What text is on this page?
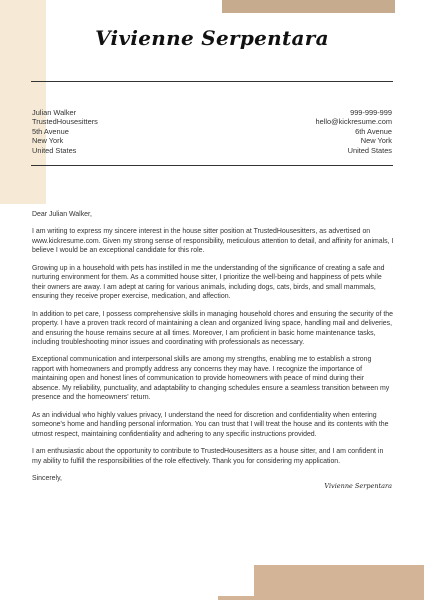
Vivienne Serpentara
Julian Walker
TrustedHousesitters
5th Avenue
New York
United States
999-999-999
hello@kickresume.com
6th Avenue
New York
United States

Dear Julian Walker,

I am writing to express my sincere interest in the house sitter position at TrustedHousesitters, as advertised on www.kickresume.com. Given my strong sense of responsibility, meticulous attention to detail, and affinity for animals, I believe I would be an exceptional candidate for this role.

Growing up in a household with pets has instilled in me the understanding of the significance of creating a safe and nurturing environment for them. As a committed house sitter, I prioritize the well-being and happiness of pets while their owners are away. I am adept at caring for various animals, including dogs, cats, birds, and small mammals, ensuring they receive proper exercise, medication, and affection.

In addition to pet care, I possess comprehensive skills in managing household chores and ensuring the security of the property. I have a proven track record of maintaining a clean and organized living space, handling mail and deliveries, and ensuring the house remains secure at all times. Moreover, I am proficient in basic home maintenance tasks, including troubleshooting minor issues and coordinating with professionals as necessary.

Exceptional communication and interpersonal skills are among my strengths, enabling me to establish a strong rapport with homeowners and promptly address any concerns they may have. I recognize the importance of maintaining open and honest lines of communication to provide homeowners with peace of mind during their absence. My reliability, punctuality, and adaptability to changing schedules ensure a seamless transition between my presence and the homeowners' return.

As an individual who highly values privacy, I understand the need for discretion and confidentiality when entering someone's home and handling personal information. You can trust that I will treat the house and its contents with the utmost respect, maintaining confidentiality and adhering to any specific instructions provided.

I am enthusiastic about the opportunity to contribute to TrustedHousesitters as a house sitter, and I am confident in my ability to fulfill the responsibilities of the role effectively. Thank you for considering my application.

Sincerely,

Vivienne Serpentara
